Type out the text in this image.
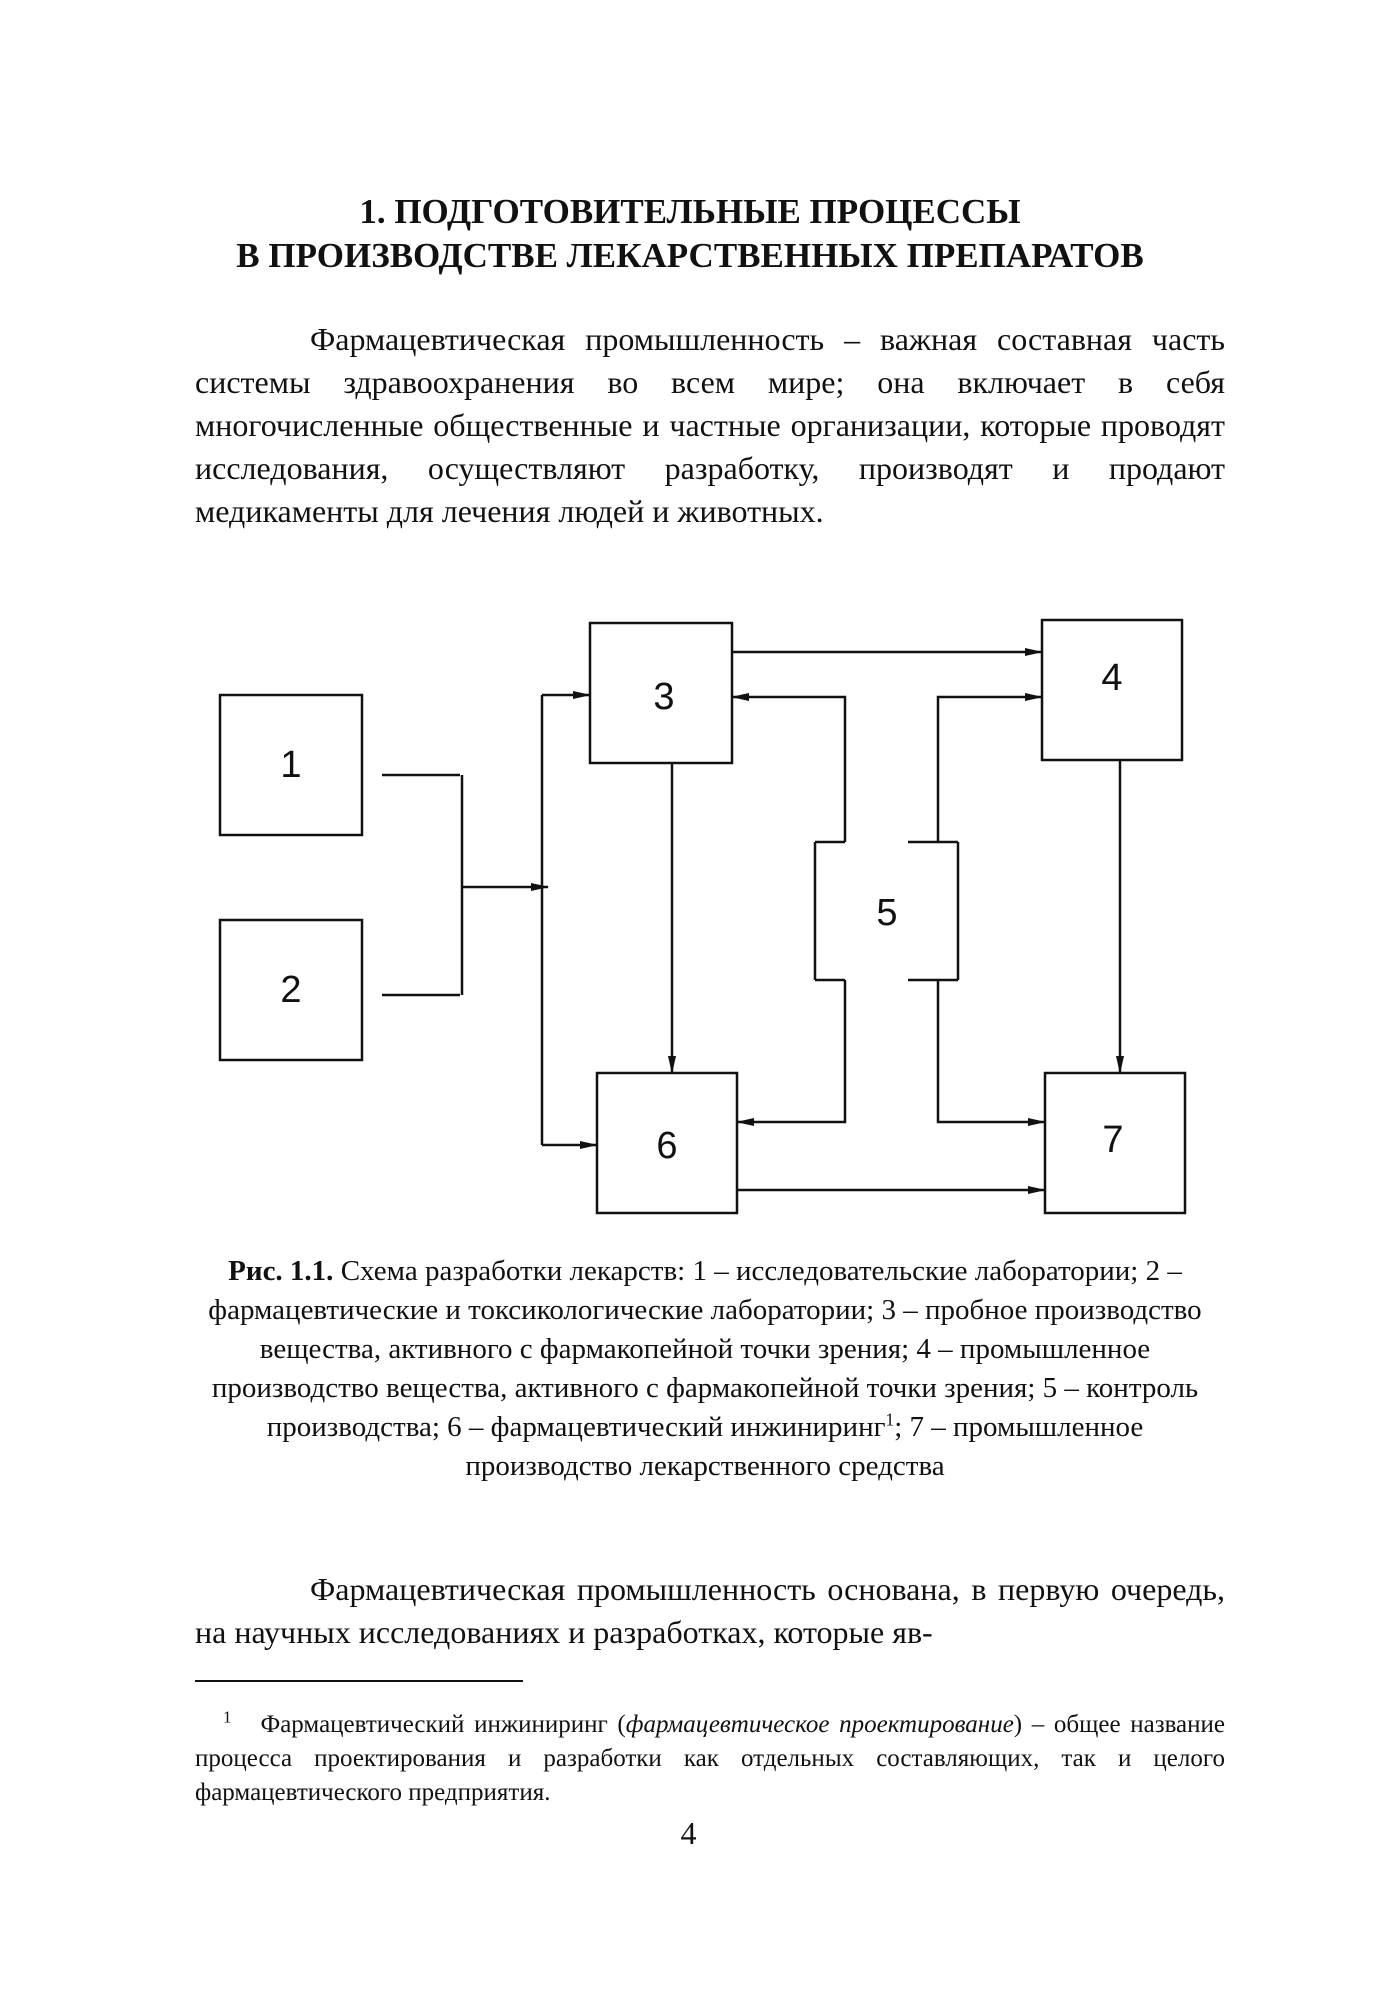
1. ПОДГОТОВИТЕЛЬНЫЕ ПРОЦЕССЫ
В ПРОИЗВОДСТВЕ ЛЕКАРСТВЕННЫХ ПРЕПАРАТОВ

Фармацевтическая промышленность – важная составная часть системы здравоохранения во всем мире; она включает в себя многочисленные общественные и частные организации, которые проводят исследования, осуществляют разработку, производят и продают медикаменты для лечения людей и животных.

1
2
3	4
5
6	7

Рис. 1.1. Схема разработки лекарств: 1 – исследовательские лаборатории; 2 – фармацевтические и токсикологические лаборатории; 3 – пробное производство вещества, активного с фармакопейной точки зрения; 4 – промышленное производство вещества, активного с фармакопейной точки зрения; 5 – контроль производства; 6 – фармацевтический инжиниринг$^1$; 7 – промышленное производство лекарственного средства

Фармацевтическая промышленность основана, в первую очередь, на научных исследованиях и разработках, которые яв-

$^1$ Фармацевтический инжиниринг (фармацевтическое проектирование) – общее название процесса проектирования и разработки как отдельных составляющих, так и целого фармацевтического предприятия.

4
